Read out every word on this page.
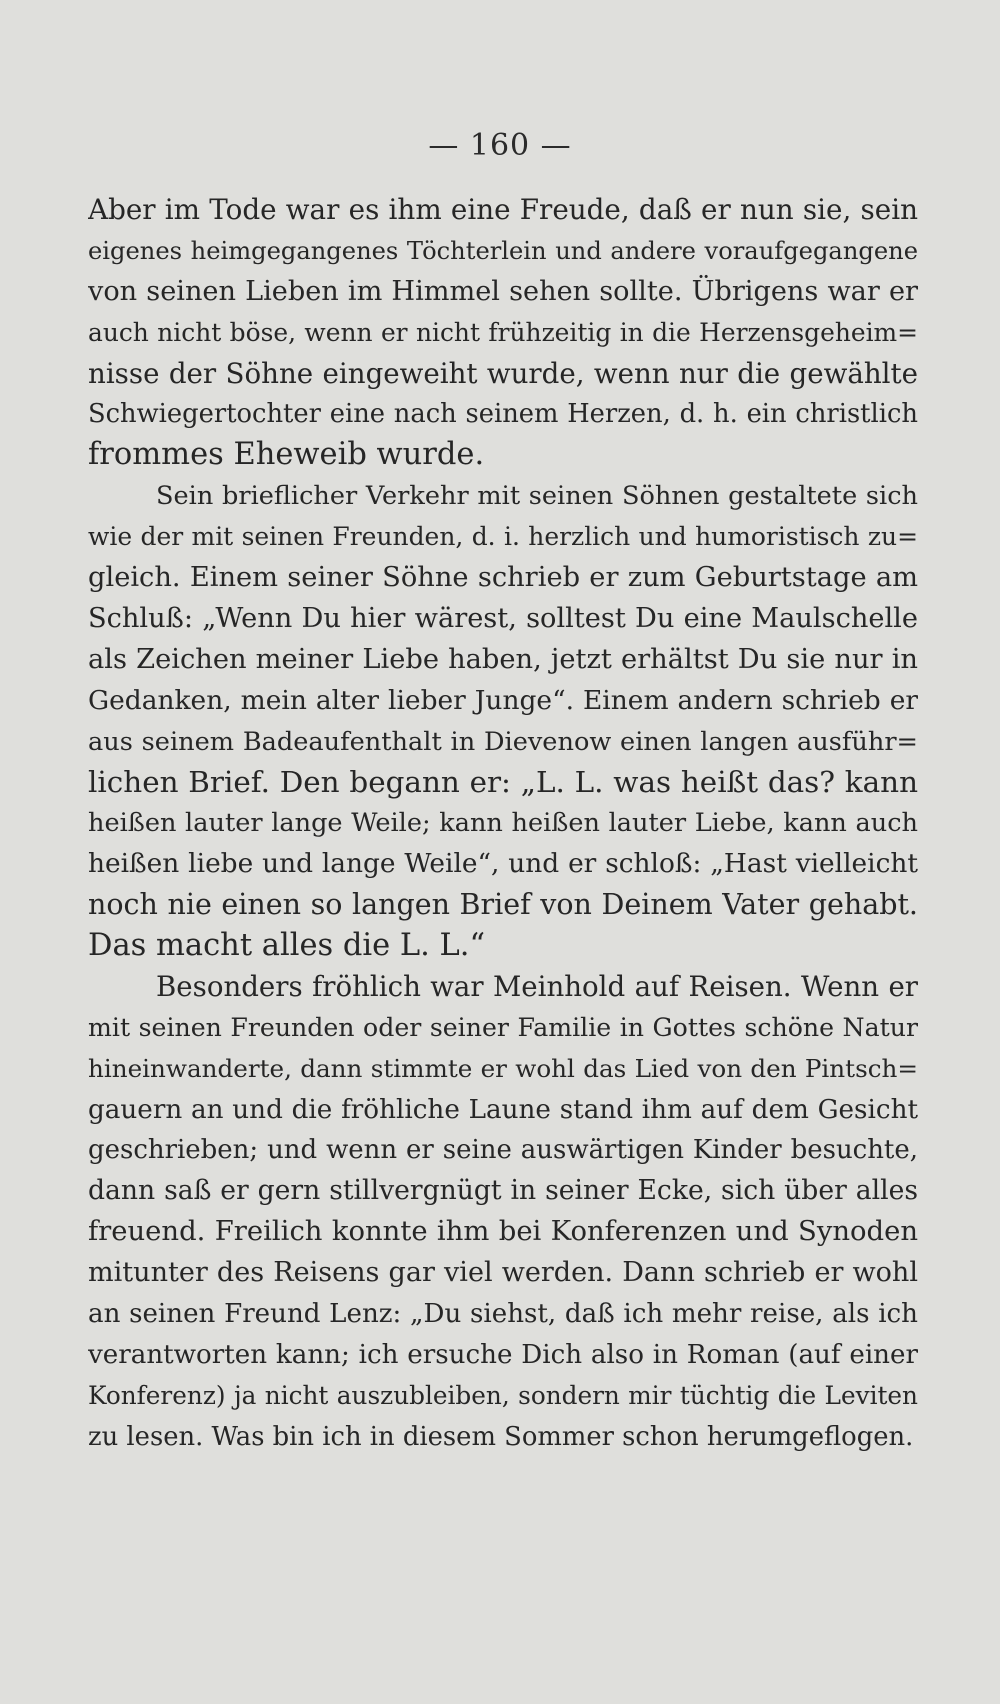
— 160 —
Aber im Tode war es ihm eine Freude, daß er nun sie, sein
eigenes heimgegangenes Töchterlein und andere voraufgegangene
von seinen Lieben im Himmel sehen sollte. Übrigens war er
auch nicht böse, wenn er nicht frühzeitig in die Herzensgeheim=
nisse der Söhne eingeweiht wurde, wenn nur die gewählte
Schwiegertochter eine nach seinem Herzen, d. h. ein christlich
frommes Eheweib wurde.
Sein brieflicher Verkehr mit seinen Söhnen gestaltete sich
wie der mit seinen Freunden, d. i. herzlich und humoristisch zu=
gleich. Einem seiner Söhne schrieb er zum Geburtstage am
Schluß: „Wenn Du hier wärest, solltest Du eine Maulschelle
als Zeichen meiner Liebe haben, jetzt erhältst Du sie nur in
Gedanken, mein alter lieber Junge“. Einem andern schrieb er
aus seinem Badeaufenthalt in Dievenow einen langen ausführ=
lichen Brief. Den begann er: „L. L. was heißt das? kann
heißen lauter lange Weile; kann heißen lauter Liebe, kann auch
heißen liebe und lange Weile“, und er schloß: „Hast vielleicht
noch nie einen so langen Brief von Deinem Vater gehabt.
Das macht alles die L. L.“
Besonders fröhlich war Meinhold auf Reisen. Wenn er
mit seinen Freunden oder seiner Familie in Gottes schöne Natur
hineinwanderte, dann stimmte er wohl das Lied von den Pintsch=
gauern an und die fröhliche Laune stand ihm auf dem Gesicht
geschrieben; und wenn er seine auswärtigen Kinder besuchte,
dann saß er gern stillvergnügt in seiner Ecke, sich über alles
freuend. Freilich konnte ihm bei Konferenzen und Synoden
mitunter des Reisens gar viel werden. Dann schrieb er wohl
an seinen Freund Lenz: „Du siehst, daß ich mehr reise, als ich
verantworten kann; ich ersuche Dich also in Roman (auf einer
Konferenz) ja nicht auszubleiben, sondern mir tüchtig die Leviten
zu lesen. Was bin ich in diesem Sommer schon herumgeflogen.
